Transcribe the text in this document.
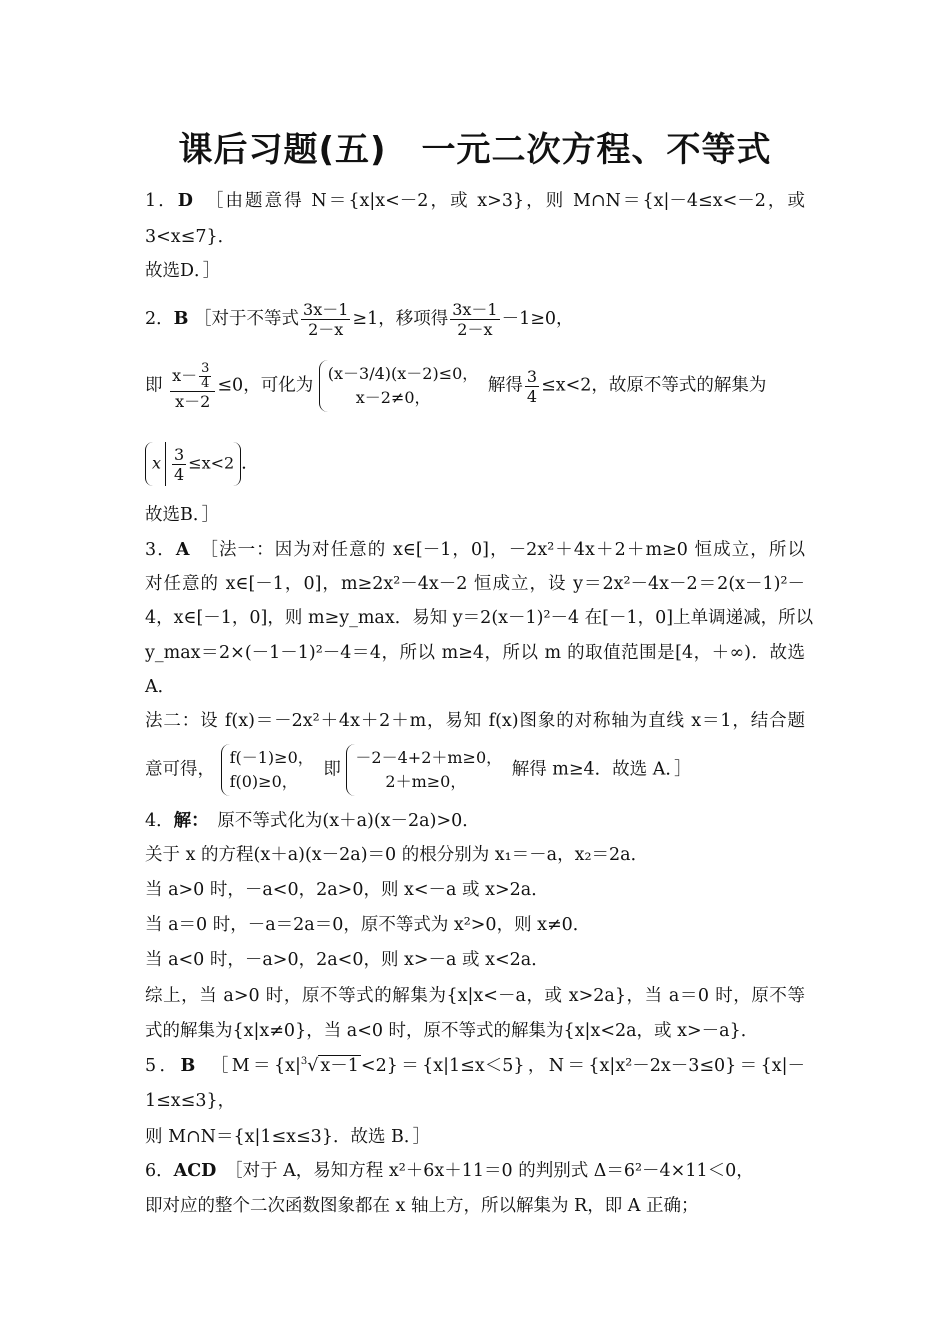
课后习题(五)　一元二次方程、不等式
1．D　 ［由题意得 N＝{x|x<－2，或 x>3}，则 M∩N＝{x|－4≤x<－2，或
3<x≤7}．
故选D．］
2．B ［对于不等式 $\frac{3x-1}{2-x} \ge 1$，移项得 $\frac{3x-1}{2-x} -1\ge 0$，
即 $\frac{x- \frac{3}{4}}{x-2} \le 0$，可化为
(x－3/4)(x－2)≤0，
x－2≠0，
解得 $\frac{3}{4} \le x<2$，故原不等式的解集为
x $\frac{3}{4} \le x<2$ ．
故选B．］
3．A　 ［法一：因为对任意的 x∈[－1，0]，－2x²＋4x＋2＋m≥0 恒成立，所以
对任意的 x∈[－1，0]，m≥2x²－4x－2 恒成立，设 y＝2x²－4x－2＝2(x－1)²－
4，x∈[－1，0]，则 m≥y_max．易知 y＝2(x－1)²－4 在[－1，0]上单调递减，所以
y_max＝2×(－1－1)²－4＝4，所以 m≥4，所以 m 的取值范围是[4，＋∞)．故选
A．
法二：设 f(x)＝－2x²＋4x＋2＋m，易知 f(x)图象的对称轴为直线 x＝1，结合题
意可得，
f(－1)≥0，
f(0)≥0，
即
－2－4+2＋m≥0，
2＋m≥0，
解得 m≥4．故选 A．］
4．解：　 原不等式化为(x＋a)(x－2a)>0．
关于 x 的方程(x＋a)(x－2a)＝0 的根分别为 x₁＝－a，x₂＝2a．
当 a>0 时，－a<0，2a>0，则 x<－a 或 x>2a．
当 a＝0 时，－a＝2a＝0，原不等式为 x²>0，则 x≠0．
当 a<0 时，－a>0，2a<0，则 x>－a 或 x<2a．
综上，当 a>0 时，原不等式的解集为{x|x<－a，或 x>2a}，当 a＝0 时，原不等
式的解集为{x|x≠0}，当 a<0 时，原不等式的解集为{x|x<2a，或 x>－a}．
5．B　 $[M=\{x|^3√$ x－1 <2}＝{x|1≤x＜5}，N＝{x|x²－2x－3≤0}＝{x|－
1≤x≤3}，
则 M∩N＝{x|1≤x≤3}．故选 B．］
6．ACD　 ［对于 A，易知方程 x²＋6x＋11＝0 的判别式 Δ＝6²－4×11＜0，
即对应的整个二次函数图象都在 x 轴上方，所以解集为 R，即 A 正确；
